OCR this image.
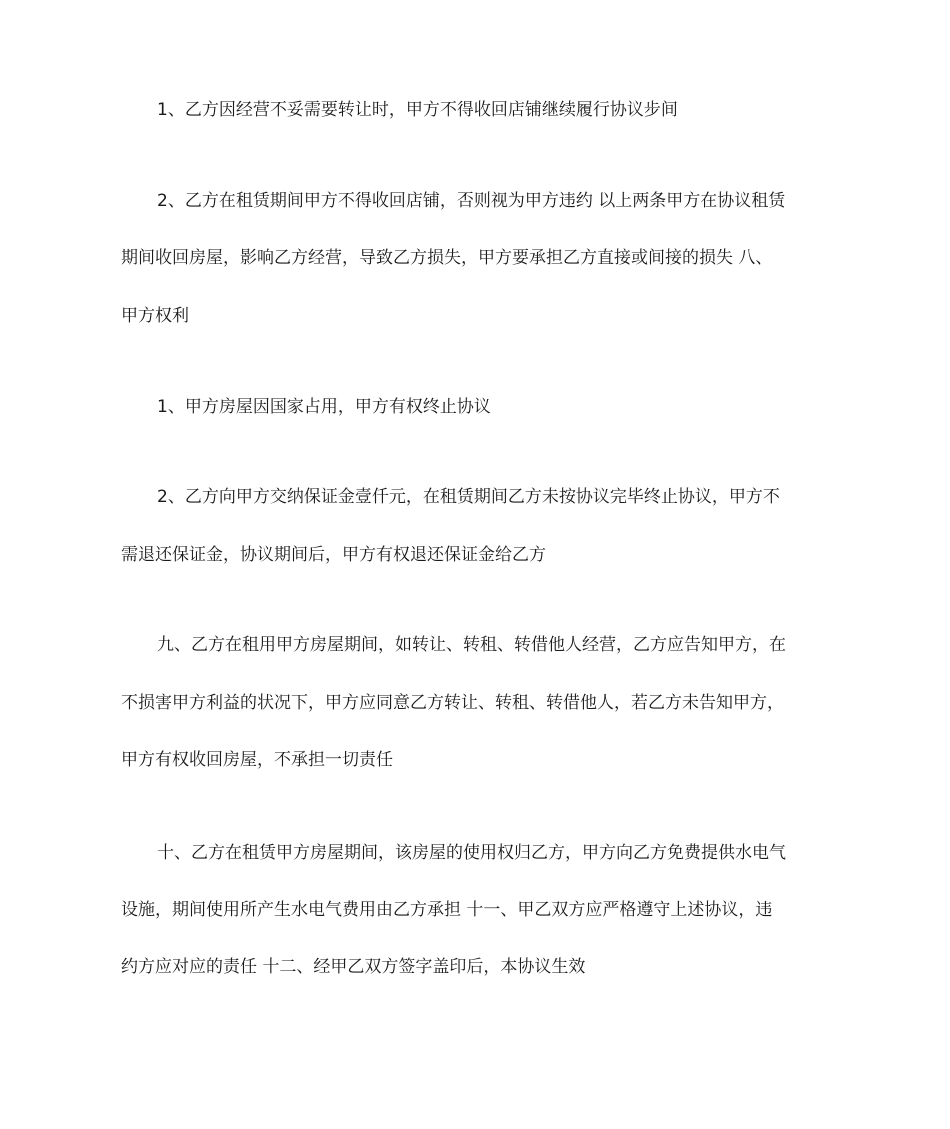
1、乙方因经营不妥需要转让时，甲方不得收回店铺继续履行协议步间
2、乙方在租赁期间甲方不得收回店铺，否则视为甲方违约 以上两条甲方在协议租赁
期间收回房屋，影响乙方经营，导致乙方损失，甲方要承担乙方直接或间接的损失 八、
甲方权利
1、甲方房屋因国家占用，甲方有权终止协议
2、乙方向甲方交纳保证金壹仟元，在租赁期间乙方未按协议完毕终止协议，甲方不
需退还保证金，协议期间后，甲方有权退还保证金给乙方
九、乙方在租用甲方房屋期间，如转让、转租、转借他人经营，乙方应告知甲方，在
不损害甲方利益的状况下，甲方应同意乙方转让、转租、转借他人，若乙方未告知甲方，
甲方有权收回房屋，不承担一切责任
十、乙方在租赁甲方房屋期间，该房屋的使用权归乙方，甲方向乙方免费提供水电气
设施，期间使用所产生水电气费用由乙方承担 十一、甲乙双方应严格遵守上述协议，违
约方应对应的责任 十二、经甲乙双方签字盖印后，本协议生效
